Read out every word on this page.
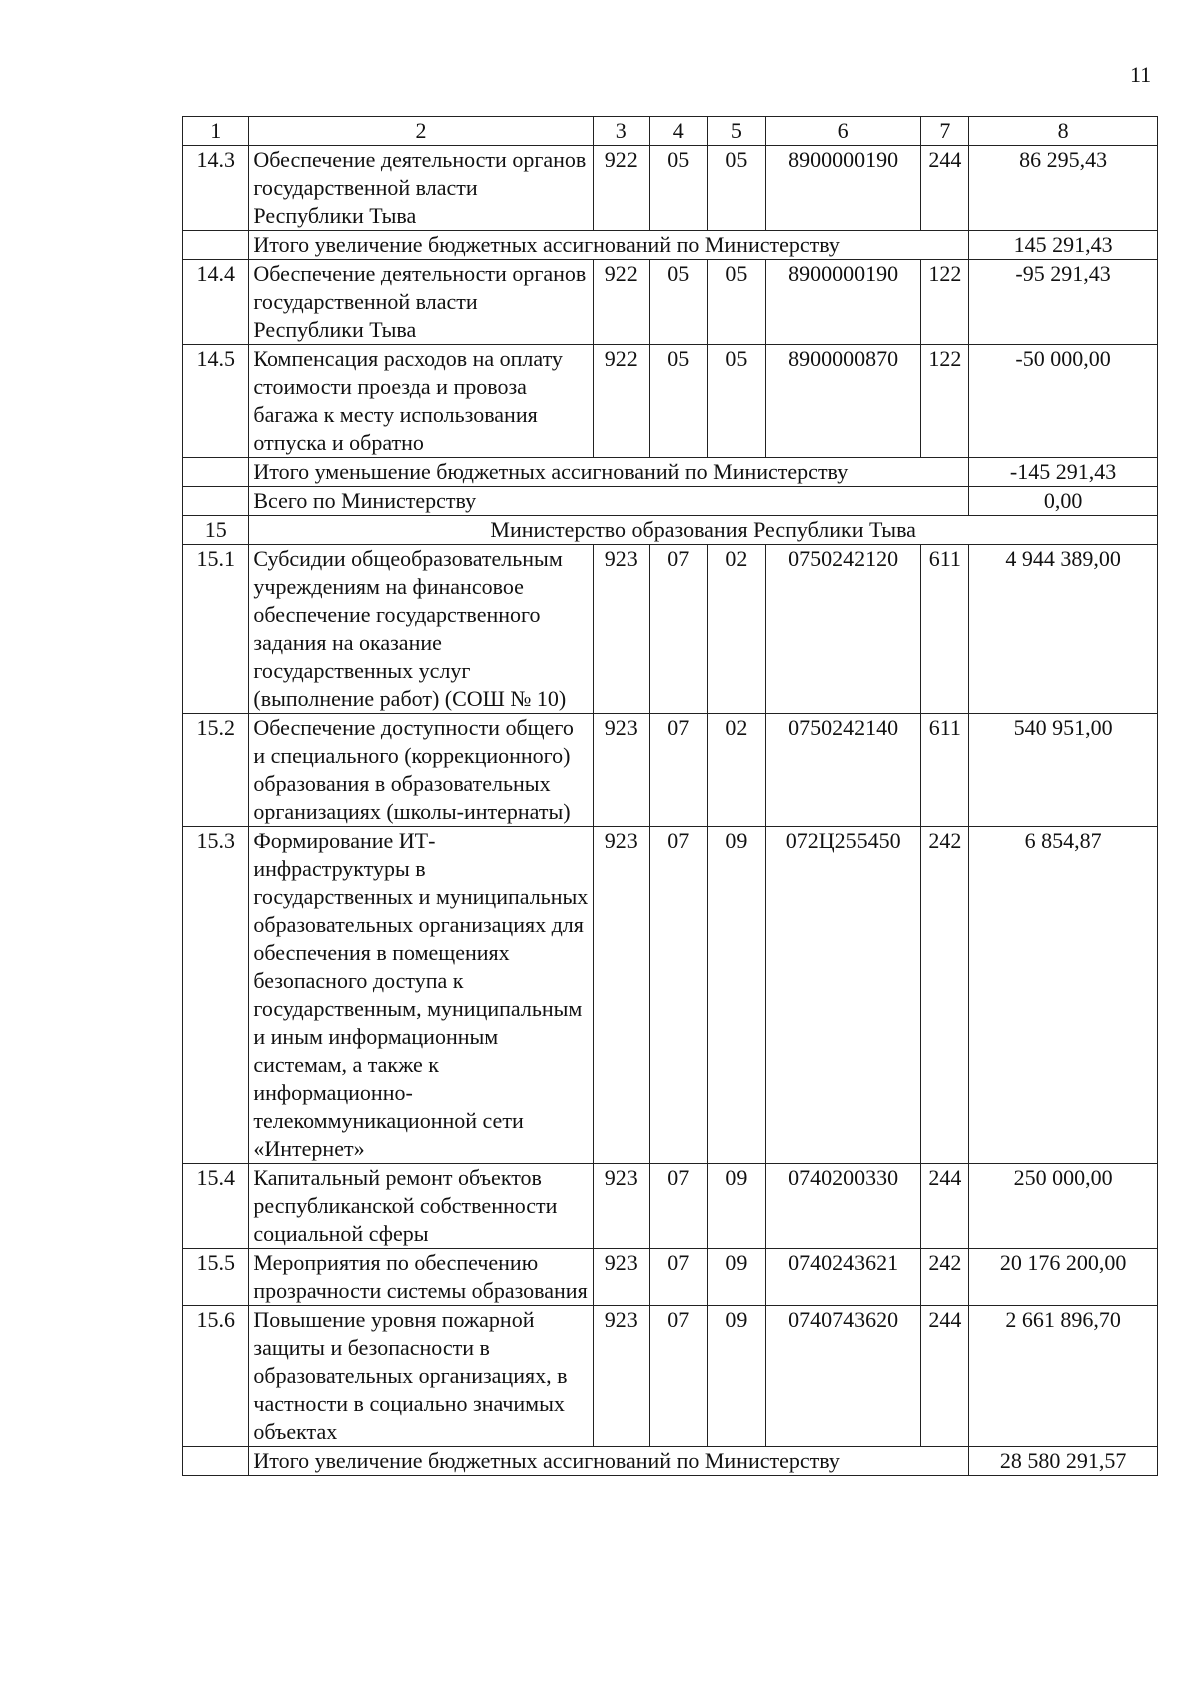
11
1	2	3	4	5	6	7	8
14.3	Обеспечение деятельности органов государственной власти Республики Тыва	922	05	05	8900000190	244	86 295,43
	Итого увеличение бюджетных ассигнований по Министерству						145 291,43
14.4	Обеспечение деятельности органов государственной власти Республики Тыва	922	05	05	8900000190	122	-95 291,43
14.5	Компенсация расходов на оплату стоимости проезда и провоза багажа к месту использования отпуска и обратно	922	05	05	8900000870	122	-50 000,00
	Итого уменьшение бюджетных ассигнований по Министерству						-145 291,43
	Всего по Министерству						0,00
15	Министерство образования Республики Тыва						
15.1	Субсидии общеобразовательным учреждениям на финансовое обеспечение государственного задания на оказание государственных услуг (выполнение работ) (СОШ № 10)	923	07	02	0750242120	611	4 944 389,00
15.2	Обеспечение доступности общего и специального (коррекционного) образования в образовательных организациях (школы-интернаты)	923	07	02	0750242140	611	540 951,00
15.3	Формирование ИТ-инфраструктуры в государственных и муниципальных образовательных организациях для обеспечения в помещениях безопасного доступа к государственным, муниципальным и иным информационным системам, а также к информационно-телекоммуникационной сети «Интернет»	923	07	09	072Ц255450	242	6 854,87
15.4	Капитальный ремонт объектов республиканской собственности социальной сферы	923	07	09	0740200330	244	250 000,00
15.5	Мероприятия по обеспечению прозрачности системы образования	923	07	09	0740243621	242	20 176 200,00
15.6	Повышение уровня пожарной защиты и безопасности в образовательных организациях, в частности в социально значимых объектах	923	07	09	0740743620	244	2 661 896,70
	Итого увеличение бюджетных ассигнований по Министерству						28 580 291,57
